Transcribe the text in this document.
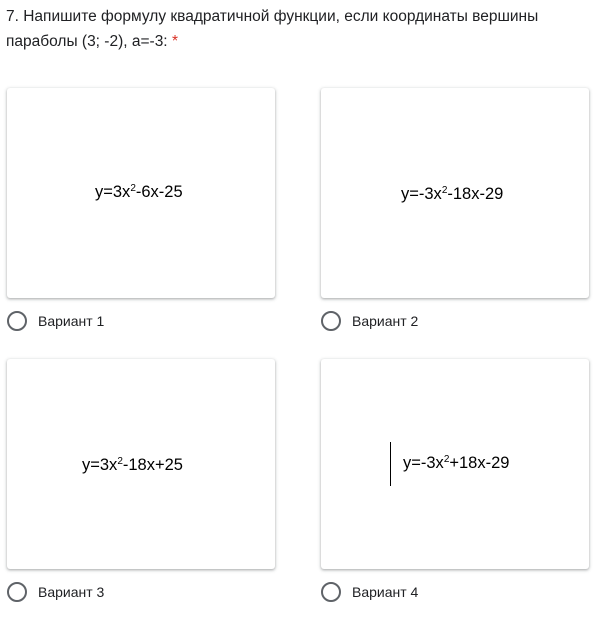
7. Напишите формулу квадратичной функции, если координаты вершины параболы (3; -2), а=-3: *

$y=3x^2-6x-25$
Вариант 1
$y=-3x^2-18x-29$
Вариант 2
$y=3x^2-18x+25$
Вариант 3
$y=-3x^2+18x-29$
Вариант 4
